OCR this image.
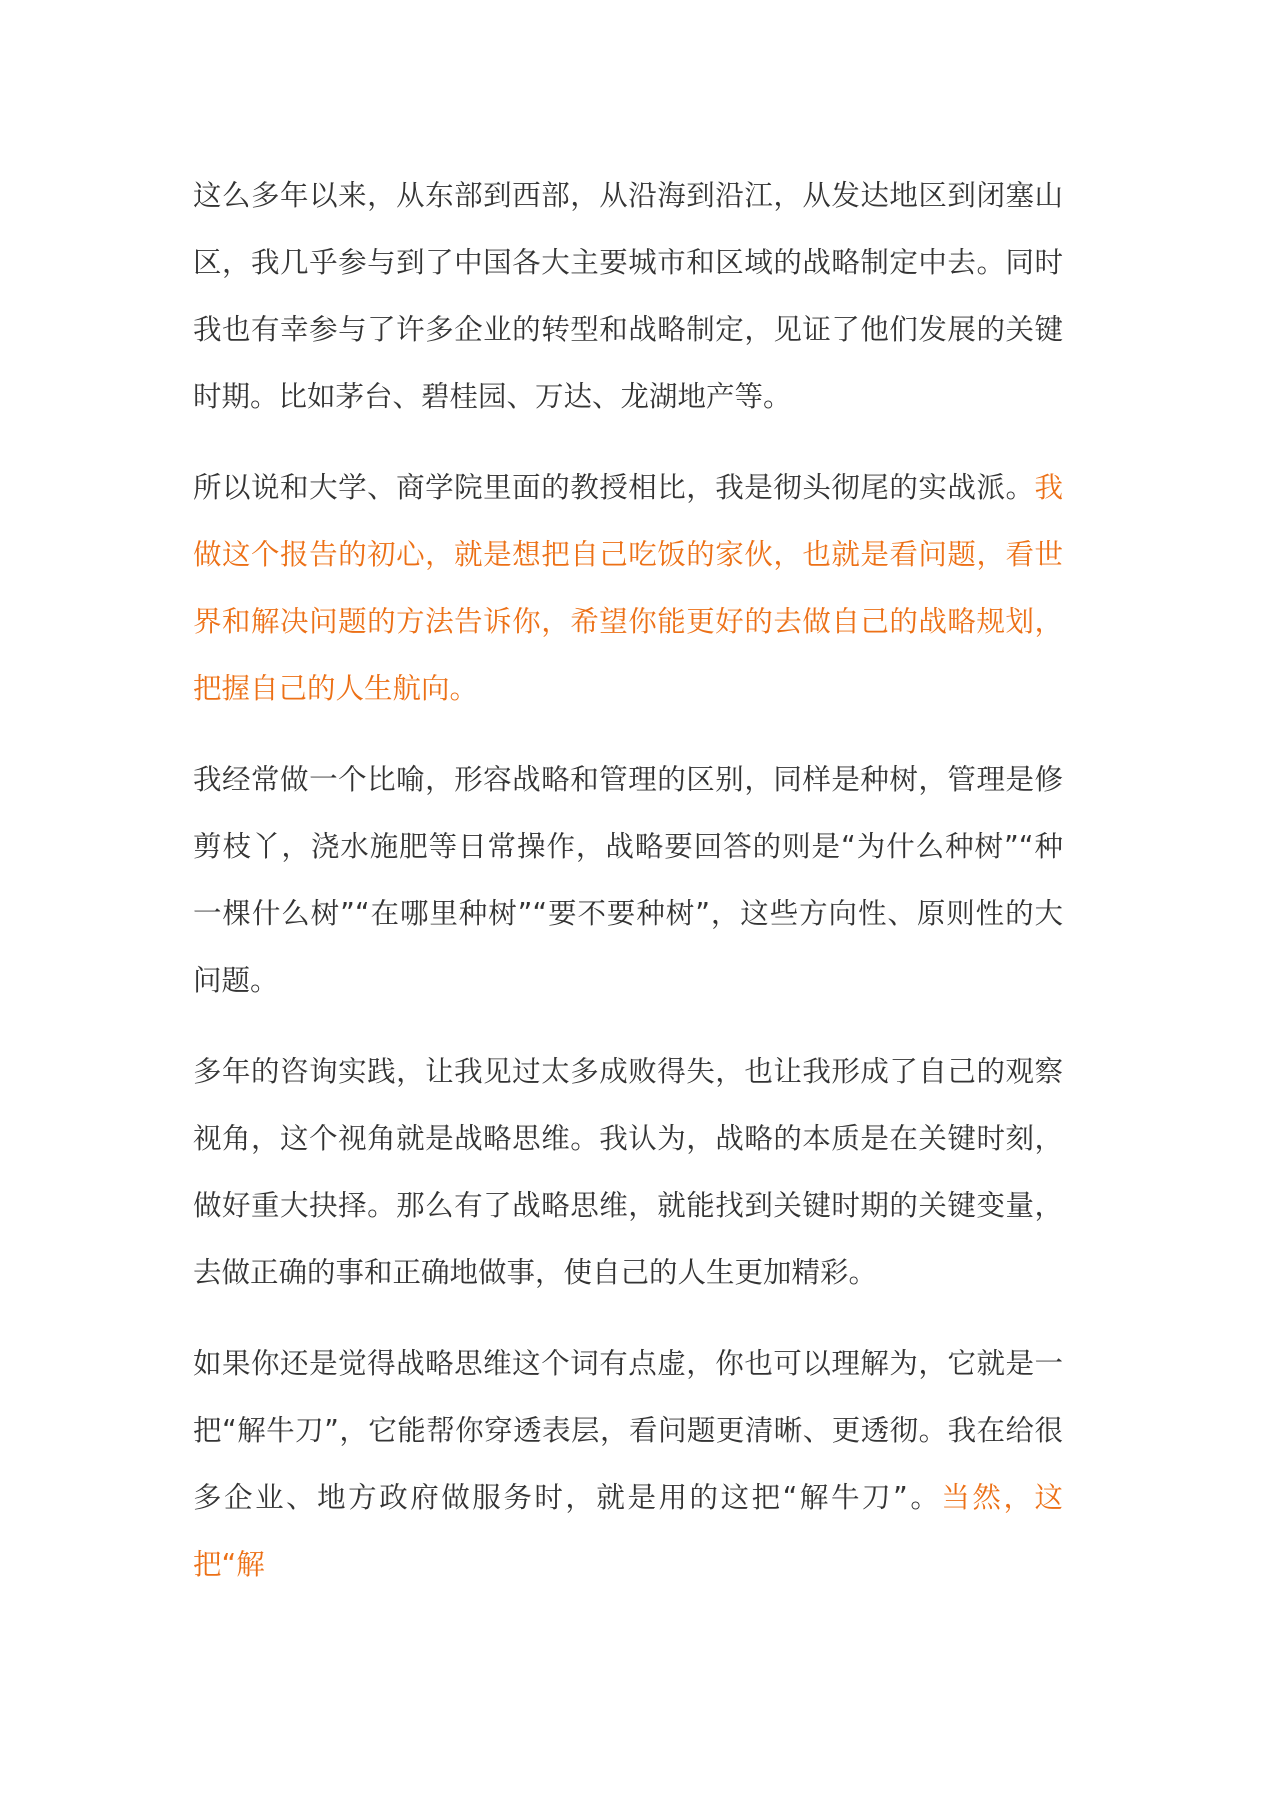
这么多年以来，从东部到西部，从沿海到沿江，从发达地区到闭塞山区，我几乎参与到了中国各大主要城市和区域的战略制定中去。同时我也有幸参与了许多企业的转型和战略制定，见证了他们发展的关键时期。比如茅台、碧桂园、万达、龙湖地产等。

所以说和大学、商学院里面的教授相比，我是彻头彻尾的实战派。我做这个报告的初心，就是想把自己吃饭的家伙，也就是看问题，看世界和解决问题的方法告诉你，希望你能更好的去做自己的战略规划，把握自己的人生航向。

我经常做一个比喻，形容战略和管理的区别，同样是种树，管理是修剪枝丫，浇水施肥等日常操作，战略要回答的则是“为什么种树”“种一棵什么树”“在哪里种树”“要不要种树”，这些方向性、原则性的大问题。

多年的咨询实践，让我见过太多成败得失，也让我形成了自己的观察视角，这个视角就是战略思维。我认为，战略的本质是在关键时刻，做好重大抉择。那么有了战略思维，就能找到关键时期的关键变量，去做正确的事和正确地做事，使自己的人生更加精彩。

如果你还是觉得战略思维这个词有点虚，你也可以理解为，它就是一把“解牛刀”，它能帮你穿透表层，看问题更清晰、更透彻。我在给很多企业、地方政府做服务时，就是用的这把“解牛刀”。当然，这把“解
